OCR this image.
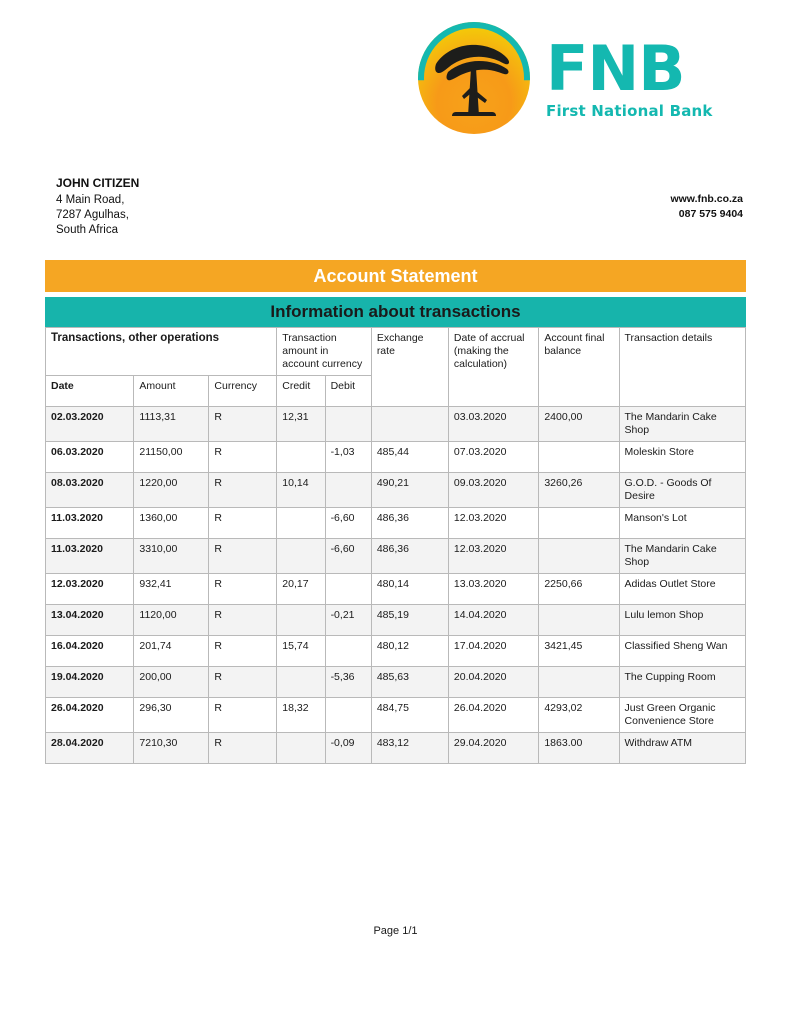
FNB
First National Bank
JOHN CITIZEN
4 Main Road,
7287 Agulhas,
South Africa
www.fnb.co.za
087 575 9404
Account Statement
Information about transactions
Transactions, other operations			Transaction amount in account currency		Exchange rate	Date of accrual (making the calculation)	Account final balance	Transaction details
Date	Amount	Currency	Credit	Debit				
02.03.2020	1113,31	R	12,31			03.03.2020	2400,00	The Mandarin Cake Shop
06.03.2020	21150,00	R		-1,03	485,44	07.03.2020		Moleskin Store
08.03.2020	1220,00	R	10,14		490,21	09.03.2020	3260,26	G.O.D. - Goods Of Desire
11.03.2020	1360,00	R		-6,60	486,36	12.03.2020		Manson's Lot
11.03.2020	3310,00	R		-6,60	486,36	12.03.2020		The Mandarin Cake Shop
12.03.2020	932,41	R	20,17		480,14	13.03.2020	2250,66	Adidas Outlet Store
13.04.2020	1120,00	R		-0,21	485,19	14.04.2020		Lulu lemon Shop
16.04.2020	201,74	R	15,74		480,12	17.04.2020	3421,45	Classified Sheng Wan
19.04.2020	200,00	R		-5,36	485,63	20.04.2020		The Cupping Room
26.04.2020	296,30	R	18,32		484,75	26.04.2020	4293,02	Just Green Organic Convenience Store
28.04.2020	7210,30	R		-0,09	483,12	29.04.2020	1863.00	Withdraw ATM
Page 1/1
